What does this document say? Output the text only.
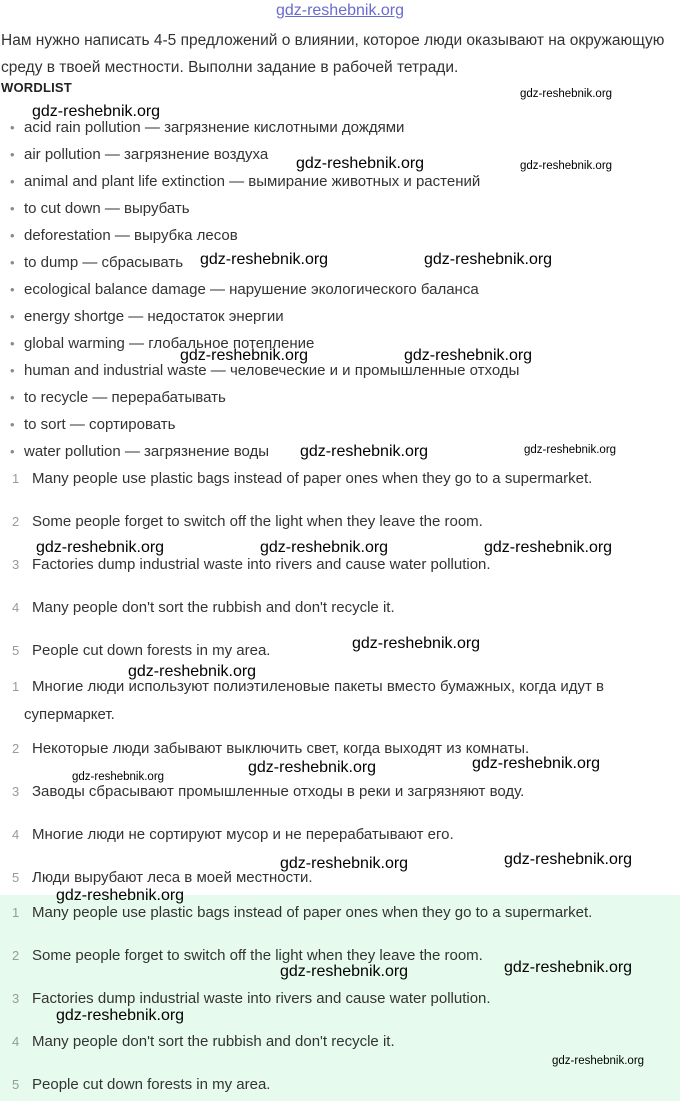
gdz-reshebnik.org
Нам нужно написать 4-5 предложений о влиянии, которое люди оказывают на окружающую среду в твоей местности. Выполни задание в рабочей тетради.
WORDLIST
• acid rain pollution — загрязнение кислотными дождями
• air pollution — загрязнение воздуха
• animal and plant life extinction — вымирание животных и растений
• to cut down — вырубать
• deforestation — вырубка лесов
• to dump — сбрасывать
• ecological balance damage — нарушение экологического баланса
• energy shortge — недостаток энергии
• global warming — глобальное потепление
• human and industrial waste — человеческие и и промышленные отходы
• to recycle — перерабатывать
• to sort — сортировать
• water pollution — загрязнение воды
1 Many people use plastic bags instead of paper ones when they go to a supermarket.
2 Some people forget to switch off the light when they leave the room.
3 Factories dump industrial waste into rivers and cause water pollution.
4 Many people don't sort the rubbish and don't recycle it.
5 People cut down forests in my area.
1 Многие люди используют полиэтиленовые пакеты вместо бумажных, когда идут в
супермаркет.
2 Некоторые люди забывают выключить свет, когда выходят из комнаты.
3 Заводы сбрасывают промышленные отходы в реки и загрязняют воду.
4 Многие люди не сортируют мусор и не перерабатывают его.
5 Люди вырубают леса в моей местности.
1 Many people use plastic bags instead of paper ones when they go to a supermarket.
2 Some people forget to switch off the light when they leave the room.
3 Factories dump industrial waste into rivers and cause water pollution.
4 Many people don't sort the rubbish and don't recycle it.
5 People cut down forests in my area.
gdz-reshebnik.org
gdz-reshebnik.org
gdz-reshebnik.org	gdz-reshebnik.org
gdz-reshebnik.org	gdz-reshebnik.org
gdz-reshebnik.org	gdz-reshebnik.org
gdz-reshebnik.org	gdz-reshebnik.org
gdz-reshebnik.org	gdz-reshebnik.org	gdz-reshebnik.org
gdz-reshebnik.org
gdz-reshebnik.org
gdz-reshebnik.org
gdz-reshebnik.org	gdz-reshebnik.org
gdz-reshebnik.org	gdz-reshebnik.org
gdz-reshebnik.org
gdz-reshebnik.org	gdz-reshebnik.org
gdz-reshebnik.org
gdz-reshebnik.org
